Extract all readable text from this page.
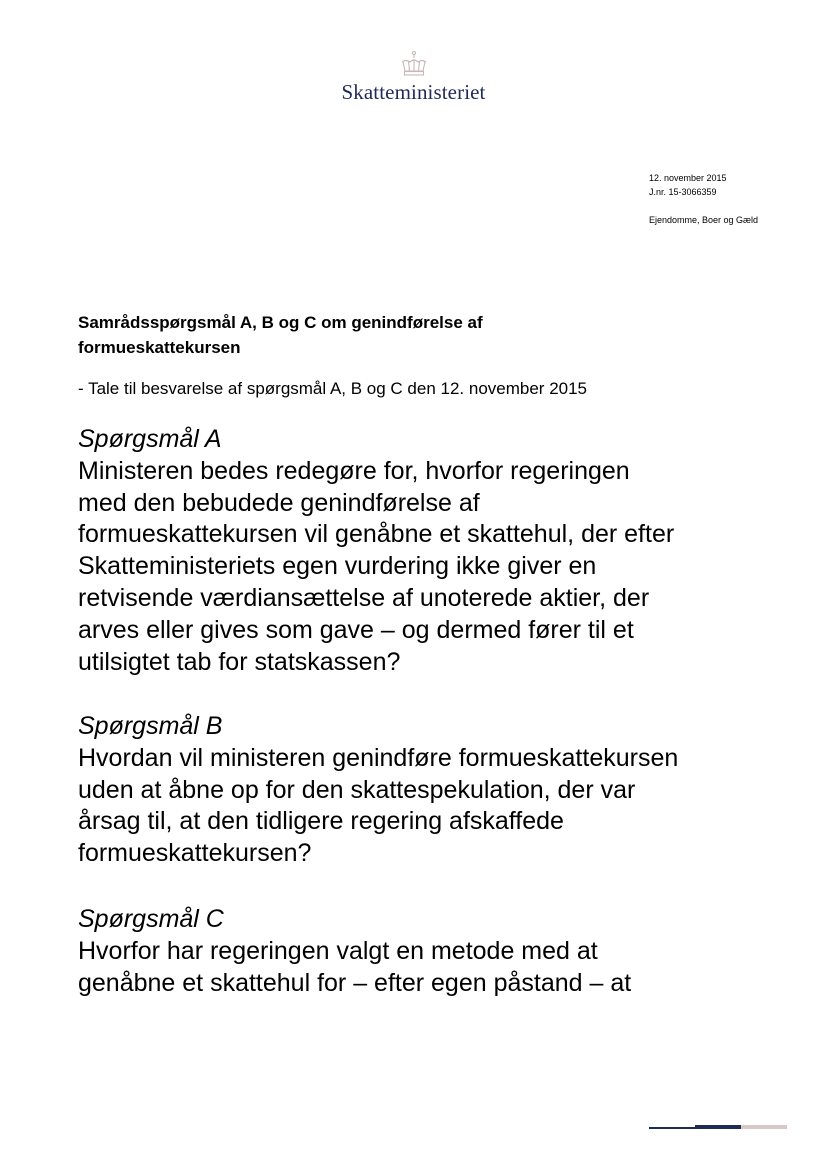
Skatteministeriet
12. november 2015
J.nr. 15-3066359
Ejendomme, Boer og Gæld
Samrådsspørgsmål A, B og C om genindførelse af
formueskattekursen
- Tale til besvarelse af spørgsmål A, B og C den 12. november 2015
Spørgsmål A
Ministeren bedes redegøre for, hvorfor regeringen
med den bebudede genindførelse af
formueskattekursen vil genåbne et skattehul, der efter
Skatteministeriets egen vurdering ikke giver en
retvisende værdiansættelse af unoterede aktier, der
arves eller gives som gave – og dermed fører til et
utilsigtet tab for statskassen?
Spørgsmål B
Hvordan vil ministeren genindføre formueskattekursen
uden at åbne op for den skattespekulation, der var
årsag til, at den tidligere regering afskaffede
formueskattekursen?
Spørgsmål C
Hvorfor har regeringen valgt en metode med at
genåbne et skattehul for – efter egen påstand – at
